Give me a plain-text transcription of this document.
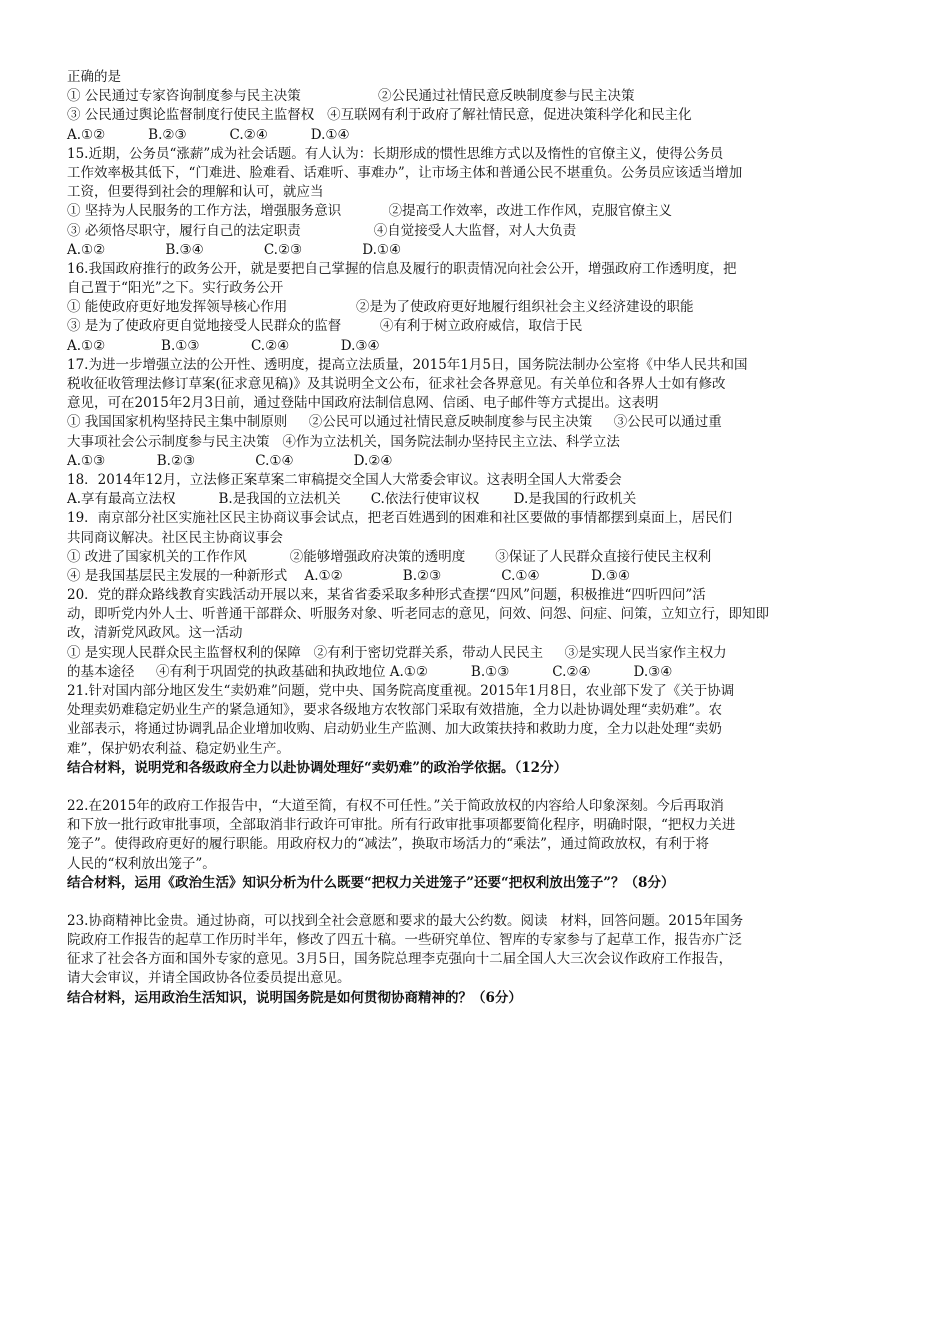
正确的是
① 公民通过专家咨询制度参与民主决策                  ②公民通过社情民意反映制度参与民主决策
③ 公民通过舆论监督制度行使民主监督权   ④互联网有利于政府了解社情民意，促进决策科学化和民主化
A.①②          B.②③          C.②④          D.①④
15.近期，公务员“涨薪”成为社会话题。有人认为：长期形成的惯性思维方式以及惰性的官僚主义，使得公务员
工作效率极其低下，“门难进、脸难看、话难听、事难办”，让市场主体和普通公民不堪重负。公务员应该适当增加
工资，但要得到社会的理解和认可，就应当
① 坚持为人民服务的工作方法，增强服务意识           ②提高工作效率，改进工作作风，克服官僚主义
③ 必须恪尽职守，履行自己的法定职责                 ④自觉接受人大监督，对人大负责
A.①②              B.③④              C.②③              D.①④
16.我国政府推行的政务公开，就是要把自己掌握的信息及履行的职责情况向社会公开，增强政府工作透明度，把
自己置于“阳光”之下。实行政务公开
① 能使政府更好地发挥领导核心作用                ②是为了使政府更好地履行组织社会主义经济建设的职能
③ 是为了使政府更自觉地接受人民群众的监督         ④有利于树立政府威信，取信于民
A.①②             B.①③            C.②④            D.③④
17.为进一步增强立法的公开性、透明度，提高立法质量，2015年1月5日，国务院法制办公室将《中华人民共和国
税收征收管理法修订草案(征求意见稿)》及其说明全文公布，征求社会各界意见。有关单位和各界人士如有修改
意见，可在2015年2月3日前，通过登陆中国政府法制信息网、信函、电子邮件等方式提出。这表明
① 我国国家机构坚持民主集中制原则     ②公民可以通过社情民意反映制度参与民主决策     ③公民可以通过重
大事项社会公示制度参与民主决策   ④作为立法机关，国务院法制办坚持民主立法、科学立法
A.①③            B.②③              C.①④              D.②④
18．2014年12月，立法修正案草案二审稿提交全国人大常委会审议。这表明全国人大常委会
A.享有最高立法权          B.是我国的立法机关       C.依法行使审议权        D.是我国的行政机关
19．南京部分社区实施社区民主协商议事会试点，把老百姓遇到的困难和社区要做的事情都摆到桌面上，居民们
共同商议解决。社区民主协商议事会
① 改进了国家机关的工作作风          ②能够增强政府决策的透明度       ③保证了人民群众直接行使民主权利
④ 是我国基层民主发展的一种新形式    A.①②              B.②③              C.①④            D.③④
20．党的群众路线教育实践活动开展以来，某省省委采取多种形式查摆“四风”问题，积极推进“四听四问”活
动，即听党内外人士、听普通干部群众、听服务对象、听老同志的意见，问效、问怨、问症、问策，立知立行，即知即
改，清新党风政风。这一活动
① 是实现人民群众民主监督权利的保障   ②有利于密切党群关系，带动人民民主     ③是实现人民当家作主权力
的基本途径     ④有利于巩固党的执政基础和执政地位 A.①②          B.①③          C.②④          D.③④
21.针对国内部分地区发生“卖奶难”问题，党中央、国务院高度重视。2015年1月8日，农业部下发了《关于协调
处理卖奶难稳定奶业生产的紧急通知》，要求各级地方农牧部门采取有效措施，全力以赴协调处理“卖奶难”。农
业部表示，将通过协调乳品企业增加收购、启动奶业生产监测、加大政策扶持和救助力度，全力以赴处理“卖奶
难”，保护奶农利益、稳定奶业生产。
结合材料，说明党和各级政府全力以赴协调处理好“卖奶难”的政治学依据。（12分）
22.在2015年的政府工作报告中，“大道至简，有权不可任性。”关于简政放权的内容给人印象深刻。今后再取消
和下放一批行政审批事项，全部取消非行政许可审批。所有行政审批事项都要简化程序，明确时限，“把权力关进
笼子”。使得政府更好的履行职能。用政府权力的“减法”，换取市场活力的“乘法”，通过简政放权，有利于将
人民的“权利放出笼子”。
结合材料，运用《政治生活》知识分析为什么既要“把权力关进笼子”还要“把权利放出笼子”？（8分）
23.协商精神比金贵。通过协商，可以找到全社会意愿和要求的最大公约数。阅读   材料，回答问题。2015年国务
院政府工作报告的起草工作历时半年，修改了四五十稿。一些研究单位、智库的专家参与了起草工作，报告亦广泛
征求了社会各方面和国外专家的意见。3月5日，国务院总理李克强向十二届全国人大三次会议作政府工作报告，
请大会审议，并请全国政协各位委员提出意见。
结合材料，运用政治生活知识，说明国务院是如何贯彻协商精神的？（6分）
